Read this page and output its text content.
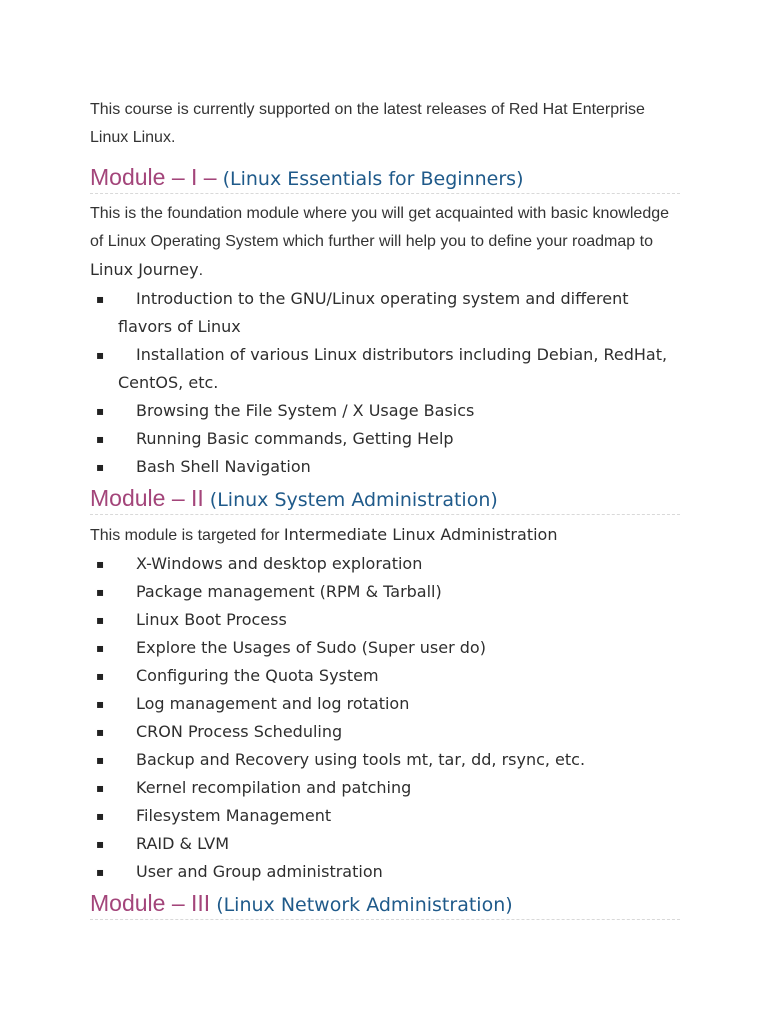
This course is currently supported on the latest releases of Red Hat Enterprise Linux Linux.

Module – I – (Linux Essentials for Beginners)

This is the foundation module where you will get acquainted with basic knowledge of Linux Operating System which further will help you to define your roadmap to Linux Journey.

▪	Introduction to the GNU/Linux operating system and different flavors of Linux
▪	Installation of various Linux distributors including Debian, RedHat, CentOS, etc.
▪ Browsing the File System / X Usage Basics
▪ Running Basic commands, Getting Help
▪ Bash Shell Navigation
Module – II (Linux System Administration)

This module is targeted for Intermediate Linux Administration

▪ X-Windows and desktop exploration
▪ Package management (RPM & Tarball)
▪ Linux Boot Process
▪ Explore the Usages of Sudo (Super user do)
▪ Configuring the Quota System
▪ Log management and log rotation
▪ CRON Process Scheduling
▪ Backup and Recovery using tools mt, tar, dd, rsync, etc.
▪ Kernel recompilation and patching
▪ Filesystem Management
▪ RAID & LVM
▪ User and Group administration
Module – III (Linux Network Administration)
